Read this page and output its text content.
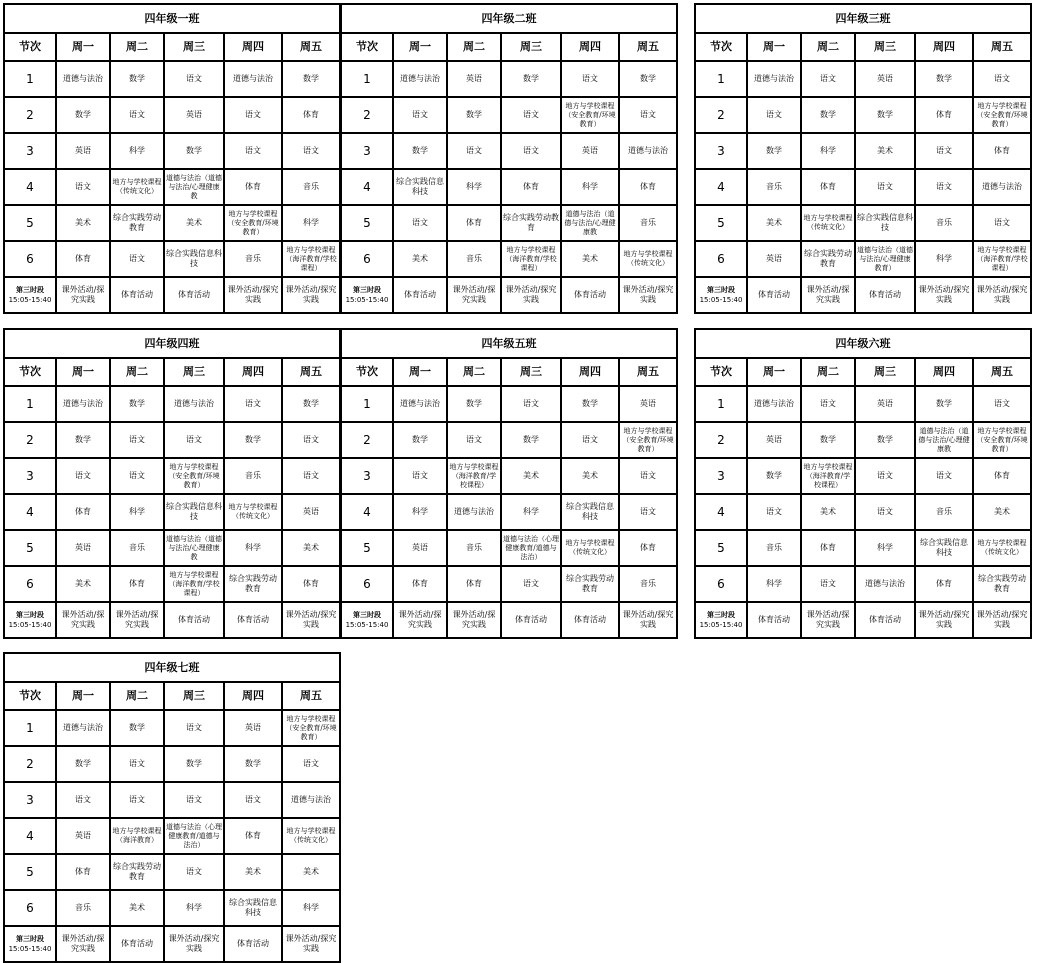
四年级一班					
节次	周一	周二	周三	周四	周五
1	道德与法治	数学	语文	道德与法治	数学
2	数学	语文	英语	语文	体育
3	英语	科学	数学	语文	语文
4	语文	地方与学校课程（传统文化）	道德与法治（道德与法治/心理健康教	体育	音乐
5	美术	综合实践劳动教育	美术	地方与学校课程（安全教育/环境教育）	科学
6	体育	语文	综合实践信息科技	音乐	地方与学校课程（海洋教育/学校课程）
第三时段
15:05-15:40	课外活动/探究实践	体育活动	体育活动	课外活动/探究实践	课外活动/探究实践
四年级二班					
节次	周一	周二	周三	周四	周五
1	道德与法治	英语	数学	语文	数学
2	语文	数学	语文	地方与学校课程（安全教育/环境教育）	语文
3	数学	语文	语文	英语	道德与法治
4	综合实践信息科技	科学	体育	科学	体育
5	语文	体育	综合实践劳动教育	道德与法治（道德与法治/心理健康教	音乐
6	美术	音乐	地方与学校课程（海洋教育/学校课程）	美术	地方与学校课程（传统文化）
第三时段
15:05-15:40	体育活动	课外活动/探究实践	课外活动/探究实践	体育活动	课外活动/探究实践
四年级三班					
节次	周一	周二	周三	周四	周五
1	道德与法治	语文	英语	数学	语文
2	语文	数学	数学	体育	地方与学校课程（安全教育/环境教育）
3	数学	科学	美术	语文	体育
4	音乐	体育	语文	语文	道德与法治
5	美术	地方与学校课程（传统文化）	综合实践信息科技	音乐	语文
6	英语	综合实践劳动教育	道德与法治（道德与法治/心理健康教育）	科学	地方与学校课程（海洋教育/学校课程）
第三时段
15:05-15:40	体育活动	课外活动/探究实践	体育活动	课外活动/探究实践	课外活动/探究实践
四年级四班					
节次	周一	周二	周三	周四	周五
1	道德与法治	数学	道德与法治	语文	数学
2	数学	语文	语文	数学	语文
3	语文	语文	地方与学校课程（安全教育/环境教育）	音乐	语文
4	体育	科学	综合实践信息科技	地方与学校课程（传统文化）	英语
5	英语	音乐	道德与法治（道德与法治/心理健康教	科学	美术
6	美术	体育	地方与学校课程（海洋教育/学校课程）	综合实践劳动教育	体育
第三时段
15:05-15:40	课外活动/探究实践	课外活动/探究实践	体育活动	体育活动	课外活动/探究实践
四年级五班					
节次	周一	周二	周三	周四	周五
1	道德与法治	数学	语文	数学	英语
2	数学	语文	数学	语文	地方与学校课程（安全教育/环境教育）
3	语文	地方与学校课程（海洋教育/学校课程）	美术	美术	语文
4	科学	道德与法治	科学	综合实践信息科技	语文
5	英语	音乐	道德与法治（心理健康教育/道德与法治）	地方与学校课程（传统文化）	体育
6	体育	体育	语文	综合实践劳动教育	音乐
第三时段
15:05-15:40	课外活动/探究实践	课外活动/探究实践	体育活动	体育活动	课外活动/探究实践
四年级六班					
节次	周一	周二	周三	周四	周五
1	道德与法治	语文	英语	数学	语文
2	英语	数学	数学	道德与法治（道德与法治/心理健康教	地方与学校课程（安全教育/环境教育）
3	数学	地方与学校课程（海洋教育/学校课程）	语文	语文	体育
4	语文	美术	语文	音乐	美术
5	音乐	体育	科学	综合实践信息科技	地方与学校课程（传统文化）
6	科学	语文	道德与法治	体育	综合实践劳动教育
第三时段
15:05-15:40	体育活动	课外活动/探究实践	体育活动	课外活动/探究实践	课外活动/探究实践
四年级七班					
节次	周一	周二	周三	周四	周五
1	道德与法治	数学	语文	英语	地方与学校课程（安全教育/环境教育）
2	数学	语文	数学	数学	语文
3	语文	语文	语文	语文	道德与法治
4	英语	地方与学校课程（海洋教育）	道德与法治（心理健康教育/道德与法治）	体育	地方与学校课程（传统文化）
5	体育	综合实践劳动教育	语文	美术	美术
6	音乐	美术	科学	综合实践信息科技	科学
第三时段
15:05-15:40	课外活动/探究实践	体育活动	课外活动/探究实践	体育活动	课外活动/探究实践
